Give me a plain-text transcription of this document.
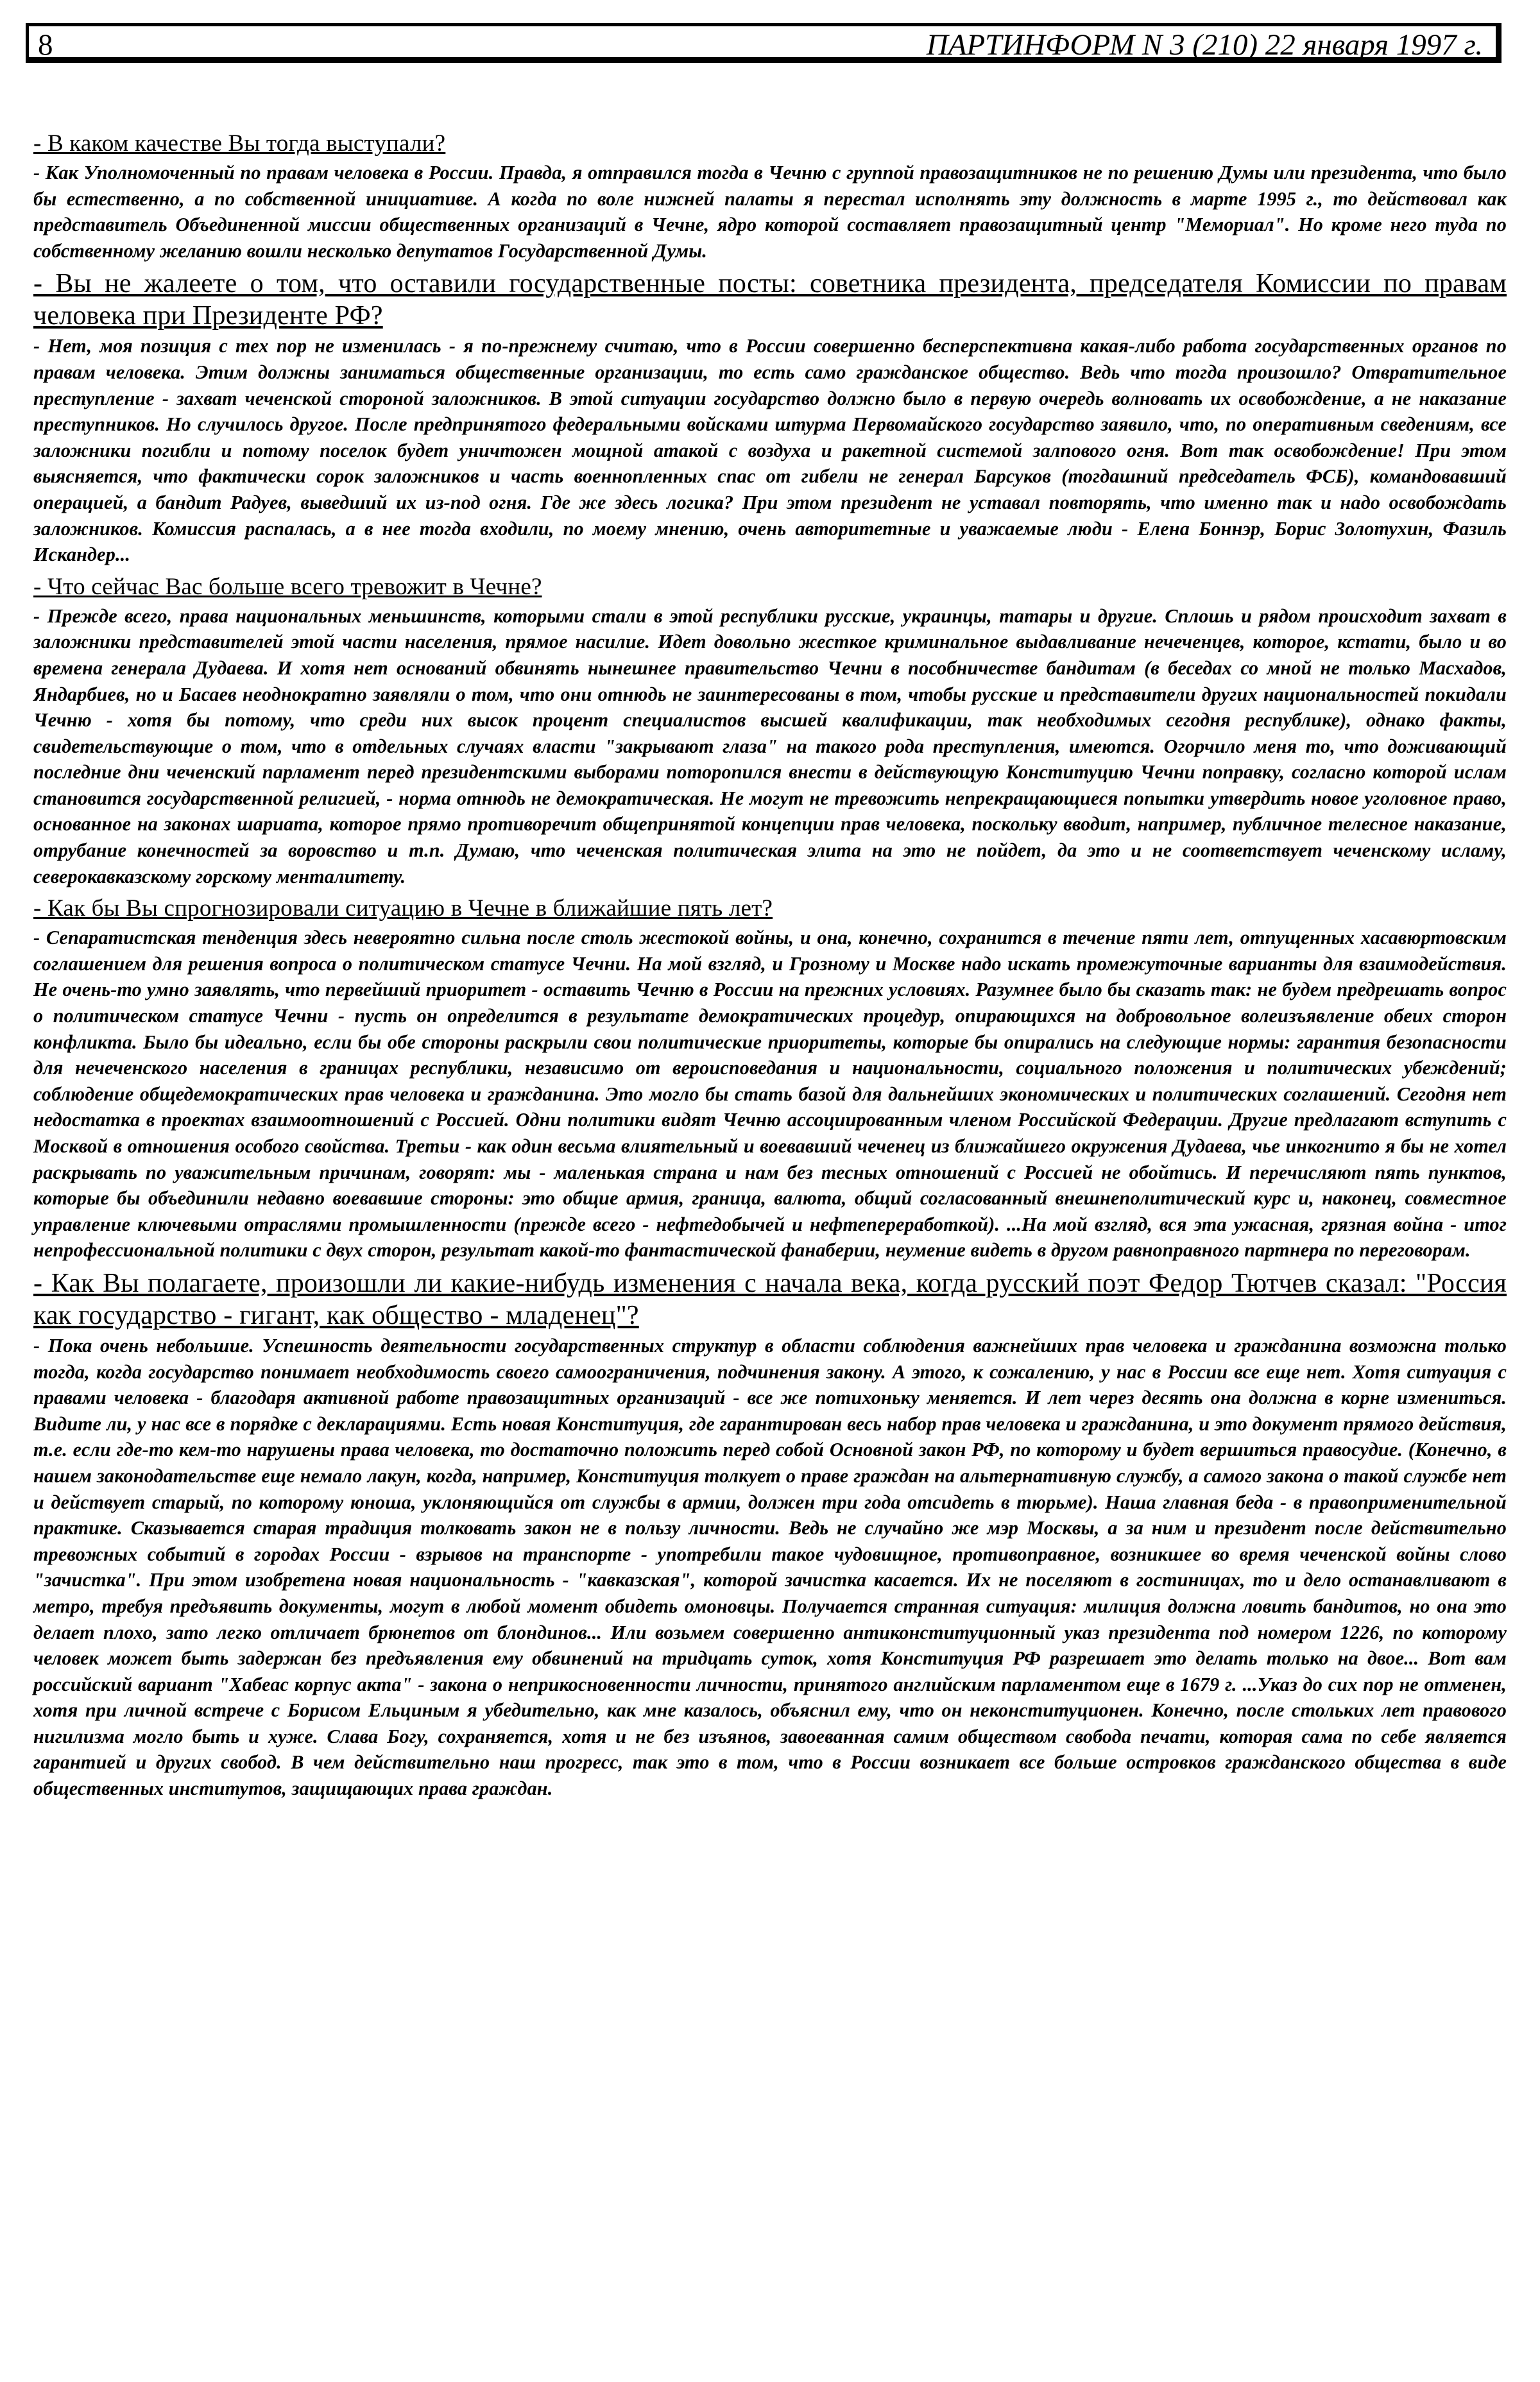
8	ПАРТИНФОРМ N 3 (210) 22 января 1997 г.

- В каком качестве Вы тогда выступали?

- Как Уполномоченный по правам человека в России. Правда, я отправился тогда в Чечню с группой правозащитников не по решению Думы или президента, что было бы естественно, а по собственной инициативе. А когда по воле нижней палаты я перестал исполнять эту должность в марте 1995 г., то действовал как представитель Объединенной миссии общественных организаций в Чечне, ядро которой составляет правозащитный центр "Мемориал". Но кроме него туда по собственному желанию вошли несколько депутатов Государственной Думы.

- Вы не жалеете о том, что оставили государственные посты: советника президента, председателя Комиссии по правам человека при Президенте РФ?

- Нет, моя позиция с тех пор не изменилась - я по-прежнему считаю, что в России совершенно бесперспективна какая-либо работа государственных органов по правам человека. Этим должны заниматься общественные организации, то есть само гражданское общество. Ведь что тогда произошло? Отвратительное преступление - захват чеченской стороной заложников. В этой ситуации государство должно было в первую очередь волновать их освобождение, а не наказание преступников. Но случилось другое. После предпринятого федеральными войсками штурма Первомайского государство заявило, что, по оперативным сведениям, все заложники погибли и потому поселок будет уничтожен мощной атакой с воздуха и ракетной системой залпового огня. Вот так освобождение! При этом выясняется, что фактически сорок заложников и часть военнопленных спас от гибели не генерал Барсуков (тогдашний председатель ФСБ), командовавший операцией, а бандит Радуев, выведший их из-под огня. Где же здесь логика? При этом президент не уставал повторять, что именно так и надо освобождать заложников. Комиссия распалась, а в нее тогда входили, по моему мнению, очень авторитетные и уважаемые люди - Елена Боннэр, Борис Золотухин, Фазиль Искандер...

- Что сейчас Вас больше всего тревожит в Чечне?

- Прежде всего, права национальных меньшинств, которыми стали в этой республики русские, украинцы, татары и другие. Сплошь и рядом происходит захват в заложники представителей этой части населения, прямое насилие. Идет довольно жесткое криминальное выдавливание нечеченцев, которое, кстати, было и во времена генерала Дудаева. И хотя нет оснований обвинять нынешнее правительство Чечни в пособничестве бандитам (в беседах со мной не только Масхадов, Яндарбиев, но и Басаев неоднократно заявляли о том, что они отнюдь не заинтересованы в том, чтобы русские и представители других национальностей покидали Чечню - хотя бы потому, что среди них высок процент специалистов высшей квалификации, так необходимых сегодня республике), однако факты, свидетельствующие о том, что в отдельных случаях власти "закрывают глаза" на такого рода преступления, имеются. Огорчило меня то, что доживающий последние дни чеченский парламент перед президентскими выборами поторопился внести в действующую Конституцию Чечни поправку, согласно которой ислам становится государственной религией, - норма отнюдь не демократическая. Не могут не тревожить непрекращающиеся попытки утвердить новое уголовное право, основанное на законах шариата, которое прямо противоречит общепринятой концепции прав человека, поскольку вводит, например, публичное телесное наказание, отрубание конечностей за воровство и т.п. Думаю, что чеченская политическая элита на это не пойдет, да это и не соответствует чеченскому исламу, северокавказскому горскому менталитету.

- Как бы Вы спрогнозировали ситуацию в Чечне в ближайшие пять лет?

- Сепаратистская тенденция здесь невероятно сильна после столь жестокой войны, и она, конечно, сохранится в течение пяти лет, отпущенных хасавюртовским соглашением для решения вопроса о политическом статусе Чечни. На мой взгляд, и Грозному и Москве надо искать промежуточные варианты для взаимодействия. Не очень-то умно заявлять, что первейший приоритет - оставить Чечню в России на прежних условиях. Разумнее было бы сказать так: не будем предрешать вопрос о политическом статусе Чечни - пусть он определится в результате демократических процедур, опирающихся на добровольное волеизъявление обеих сторон конфликта. Было бы идеально, если бы обе стороны раскрыли свои политические приоритеты, которые бы опирались на следующие нормы: гарантия безопасности для нечеченского населения в границах республики, независимо от вероисповедания и национальности, социального положения и политических убеждений; соблюдение общедемократических прав человека и гражданина. Это могло бы стать базой для дальнейших экономических и политических соглашений. Сегодня нет недостатка в проектах взаимоотношений с Россией. Одни политики видят Чечню ассоциированным членом Российской Федерации. Другие предлагают вступить с Москвой в отношения особого свойства. Третьи - как один весьма влиятельный и воевавший чеченец из ближайшего окружения Дудаева, чье инкогнито я бы не хотел раскрывать по уважительным причинам, говорят: мы - маленькая страна и нам без тесных отношений с Россией не обойтись. И перечисляют пять пунктов, которые бы объединили недавно воевавшие стороны: это общие армия, граница, валюта, общий согласованный внешнеполитический курс и, наконец, совместное управление ключевыми отраслями промышленности (прежде всего - нефтедобычей и нефтепереработкой). ...На мой взгляд, вся эта ужасная, грязная война - итог непрофессиональной политики с двух сторон, результат какой-то фантастической фанаберии, неумение видеть в другом равноправного партнера по переговорам.

- Как Вы полагаете, произошли ли какие-нибудь изменения с начала века, когда русский поэт Федор Тютчев сказал: "Россия как государство - гигант, как общество - младенец"?

- Пока очень небольшие. Успешность деятельности государственных структур в области соблюдения важнейших прав человека и гражданина возможна только тогда, когда государство понимает необходимость своего самоограничения, подчинения закону. А этого, к сожалению, у нас в России все еще нет. Хотя ситуация с правами человека - благодаря активной работе правозащитных организаций - все же потихоньку меняется. И лет через десять она должна в корне измениться. Видите ли, у нас все в порядке с декларациями. Есть новая Конституция, где гарантирован весь набор прав человека и гражданина, и это документ прямого действия, т.е. если где-то кем-то нарушены права человека, то достаточно положить перед собой Основной закон РФ, по которому и будет вершиться правосудие. (Конечно, в нашем законодательстве еще немало лакун, когда, например, Конституция толкует о праве граждан на альтернативную службу, а самого закона о такой службе нет и действует старый, по которому юноша, уклоняющийся от службы в армии, должен три года отсидеть в тюрьме). Наша главная беда - в правоприменительной практике. Сказывается старая традиция толковать закон не в пользу личности. Ведь не случайно же мэр Москвы, а за ним и президент после действительно тревожных событий в городах России - взрывов на транспорте - употребили такое чудовищное, противоправное, возникшее во время чеченской войны слово "зачистка". При этом изобретена новая национальность - "кавказская", которой зачистка касается. Их не поселяют в гостиницах, то и дело останавливают в метро, требуя предъявить документы, могут в любой момент обидеть омоновцы. Получается странная ситуация: милиция должна ловить бандитов, но она это делает плохо, зато легко отличает брюнетов от блондинов... Или возьмем совершенно антиконституционный указ президента под номером 1226, по которому человек может быть задержан без предъявления ему обвинений на тридцать суток, хотя Конституция РФ разрешает это делать только на двое... Вот вам российский вариант "Хабеас корпус акта" - закона о неприкосновенности личности, принятого английским парламентом еще в 1679 г. ...Указ до сих пор не отменен, хотя при личной встрече с Борисом Ельциным я убедительно, как мне казалось, объяснил ему, что он неконституционен. Конечно, после стольких лет правового нигилизма могло быть и хуже. Слава Богу, сохраняется, хотя и не без изъянов, завоеванная самим обществом свобода печати, которая сама по себе является гарантией и других свобод. В чем действительно наш прогресс, так это в том, что в России возникает все больше островков гражданского общества в виде общественных институтов, защищающих права граждан.
